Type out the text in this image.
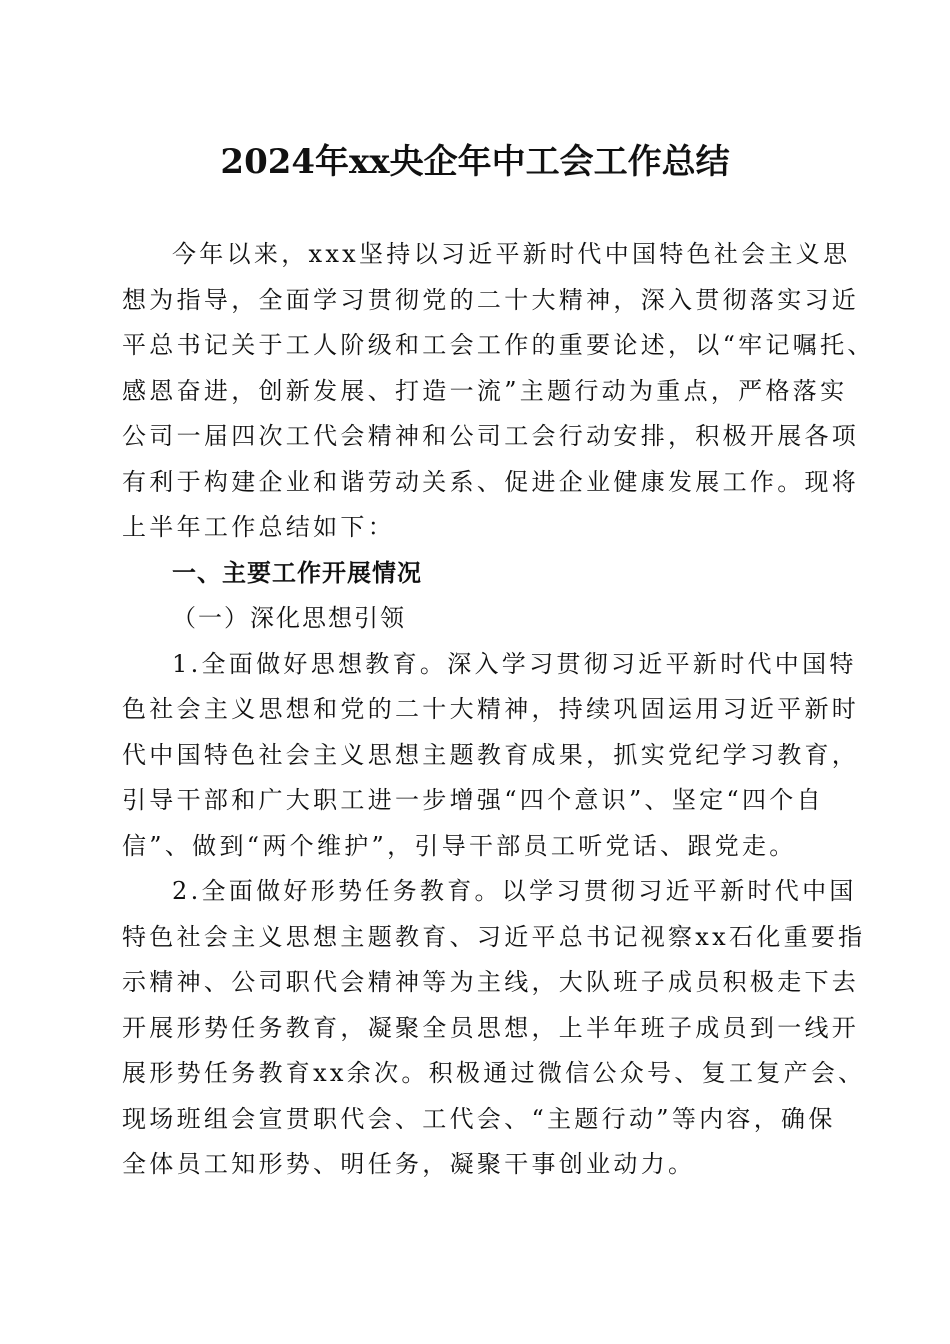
2024年xx央企年中工会工作总结
今年以来，xxx坚持以习近平新时代中国特色社会主义思
想为指导，全面学习贯彻党的二十大精神，深入贯彻落实习近
平总书记关于工人阶级和工会工作的重要论述，以“牢记嘱托、
感恩奋进，创新发展、打造一流”主题行动为重点，严格落实
公司一届四次工代会精神和公司工会行动安排，积极开展各项
有利于构建企业和谐劳动关系、促进企业健康发展工作。现将
上半年工作总结如下：
一、主要工作开展情况
（一）深化思想引领
1.全面做好思想教育。深入学习贯彻习近平新时代中国特
色社会主义思想和党的二十大精神，持续巩固运用习近平新时
代中国特色社会主义思想主题教育成果，抓实党纪学习教育，
引导干部和广大职工进一步增强“四个意识”、坚定“四个自
信”、做到“两个维护”，引导干部员工听党话、跟党走。
2.全面做好形势任务教育。以学习贯彻习近平新时代中国
特色社会主义思想主题教育、习近平总书记视察xx石化重要指
示精神、公司职代会精神等为主线，大队班子成员积极走下去
开展形势任务教育，凝聚全员思想，上半年班子成员到一线开
展形势任务教育xx余次。积极通过微信公众号、复工复产会、
现场班组会宣贯职代会、工代会、“主题行动”等内容，确保
全体员工知形势、明任务，凝聚干事创业动力。
